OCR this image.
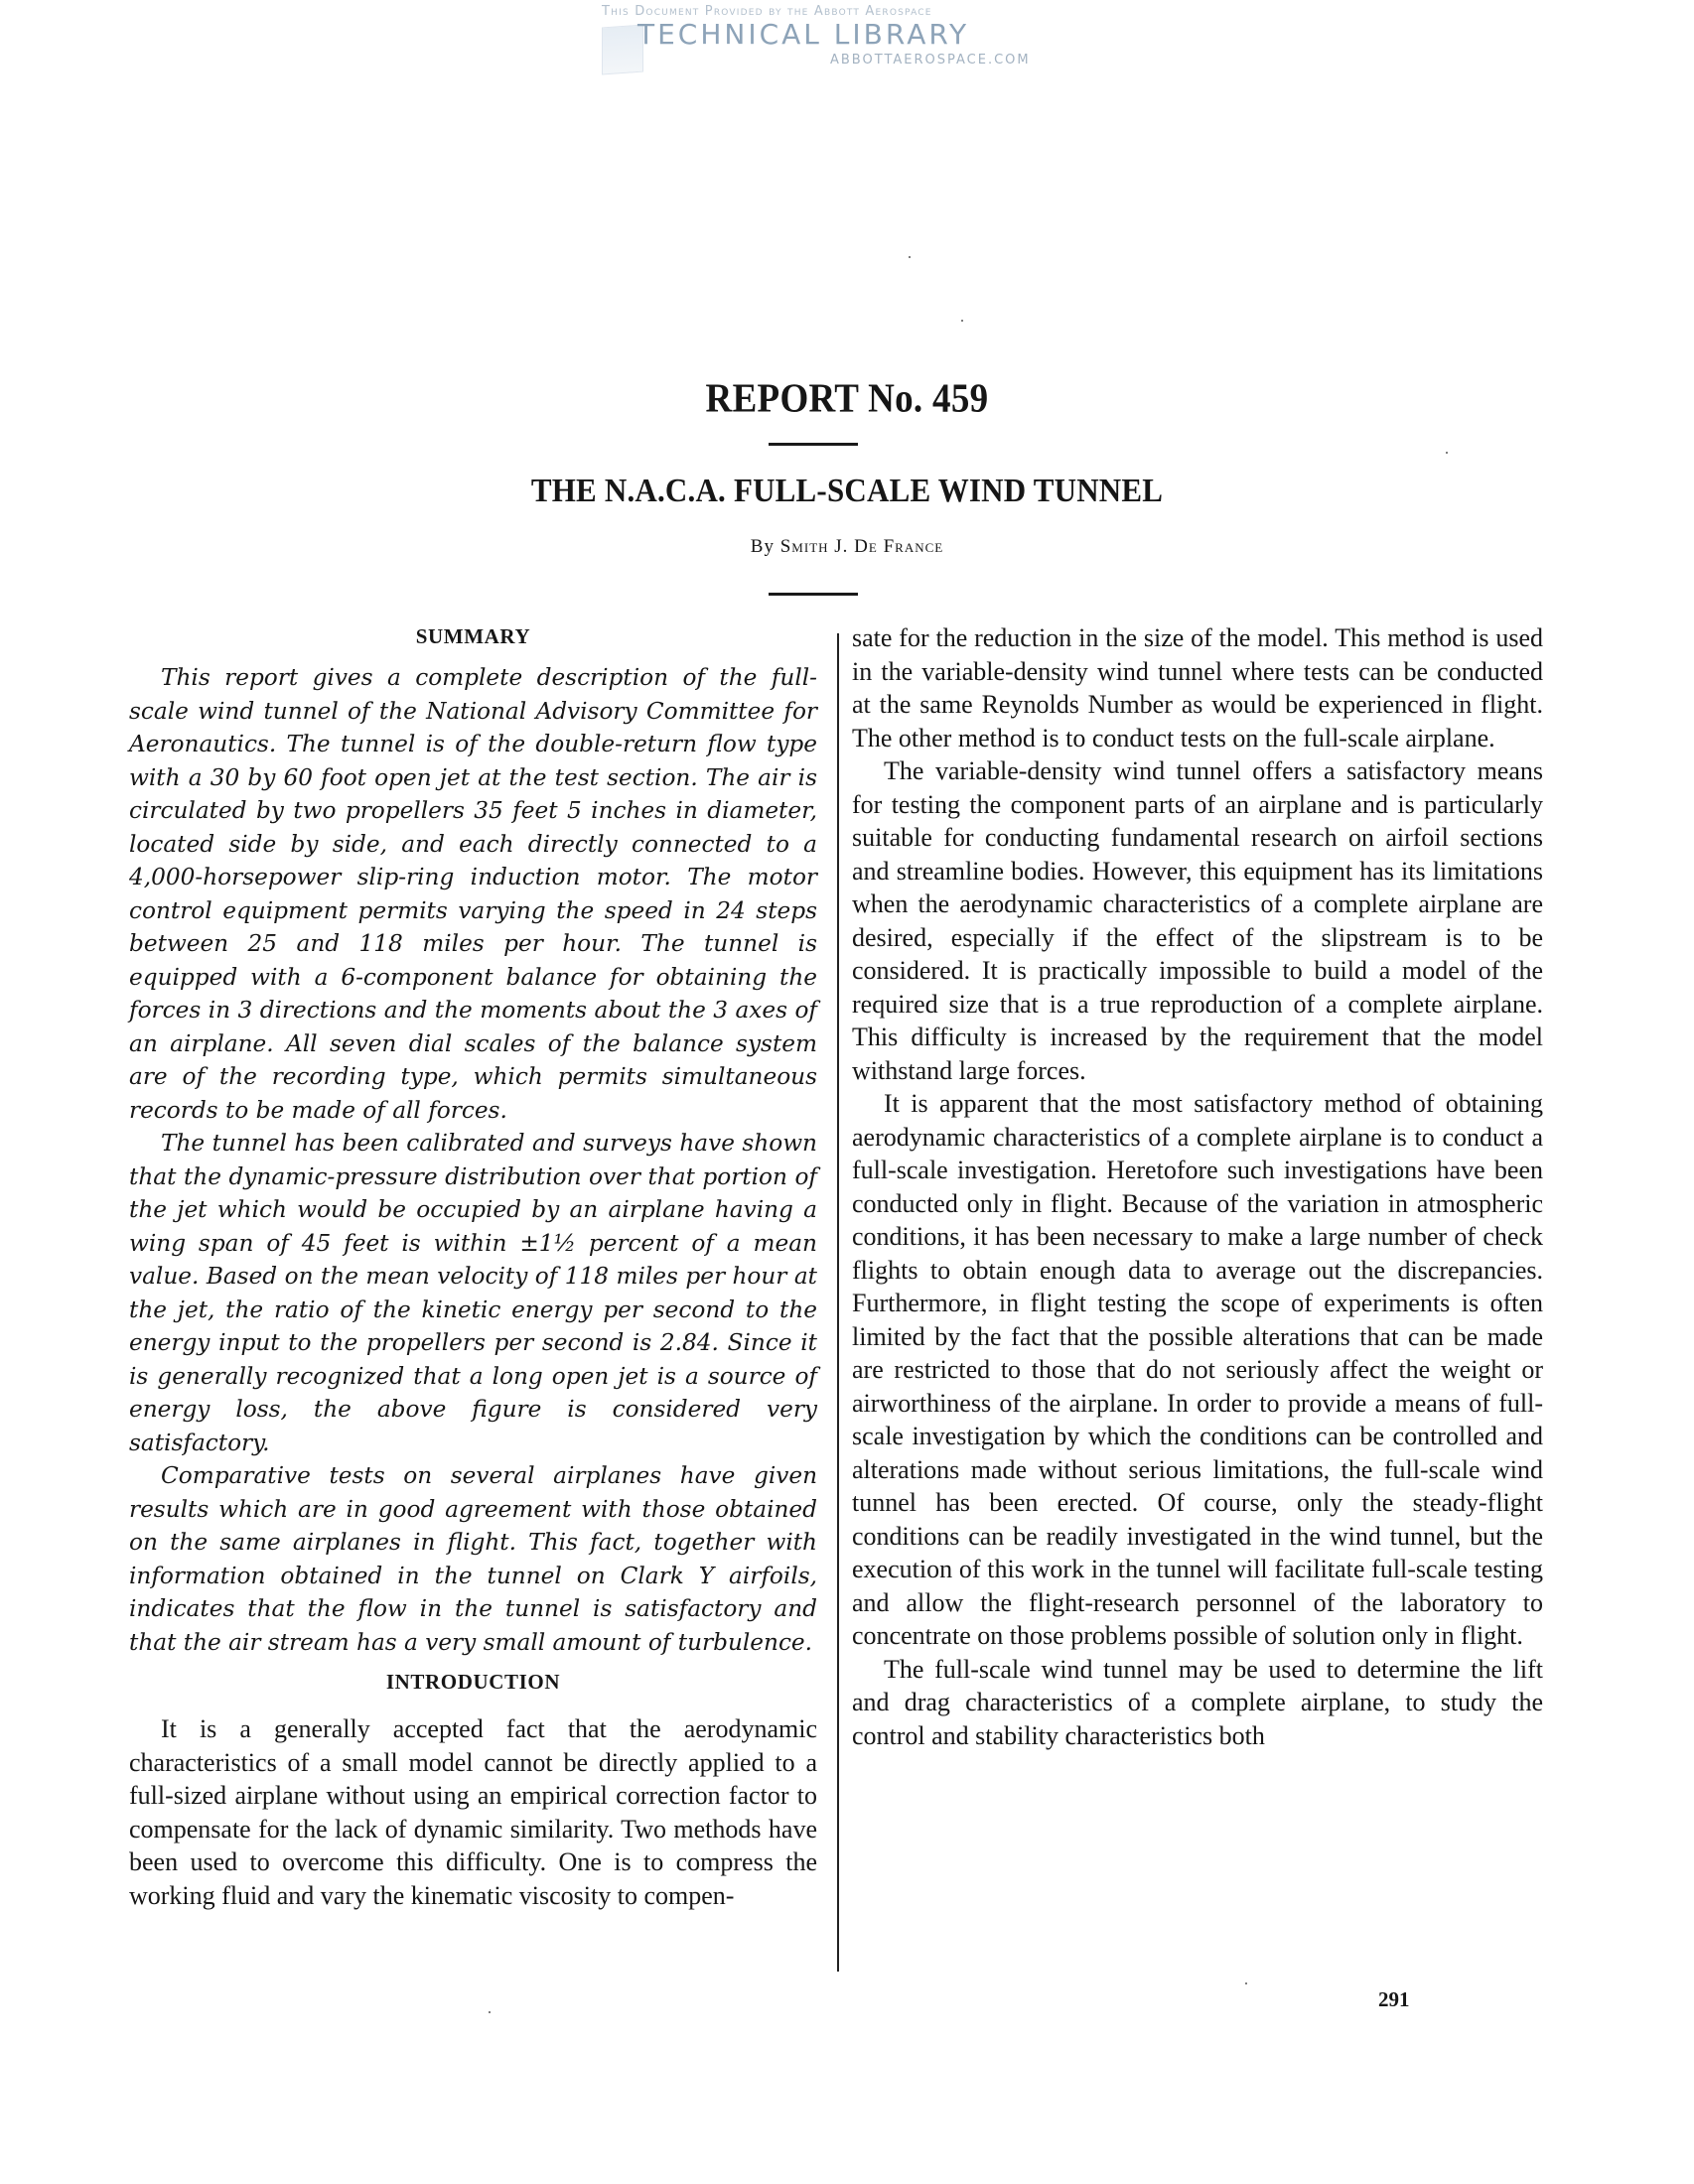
This Document Provided by the Abbott Aerospace
TECHNICAL LIBRARY
ABBOTTAEROSPACE.COM
REPORT No. 459
THE N.A.C.A. FULL-SCALE WIND TUNNEL
By Smith J. De France
SUMMARY

This report gives a complete description of the full-scale wind tunnel of the National Advisory Committee for Aeronautics. The tunnel is of the double-return flow type with a 30 by 60 foot open jet at the test section. The air is circulated by two propellers 35 feet 5 inches in diameter, located side by side, and each directly connected to a 4,000-horsepower slip-ring induction motor. The motor control equipment permits varying the speed in 24 steps between 25 and 118 miles per hour. The tunnel is equipped with a 6-component balance for obtaining the forces in 3 directions and the moments about the 3 axes of an airplane. All seven dial scales of the balance system are of the recording type, which permits simultaneous records to be made of all forces.

The tunnel has been calibrated and surveys have shown that the dynamic-pressure distribution over that portion of the jet which would be occupied by an airplane having a wing span of 45 feet is within ±1½ percent of a mean value. Based on the mean velocity of 118 miles per hour at the jet, the ratio of the kinetic energy per second to the energy input to the propellers per second is 2.84. Since it is generally recognized that a long open jet is a source of energy loss, the above figure is considered very satisfactory.

Comparative tests on several airplanes have given results which are in good agreement with those obtained on the same airplanes in flight. This fact, together with information obtained in the tunnel on Clark Y airfoils, indicates that the flow in the tunnel is satisfactory and that the air stream has a very small amount of turbulence.

INTRODUCTION

It is a generally accepted fact that the aerodynamic characteristics of a small model cannot be directly applied to a full-sized airplane without using an empirical correction factor to compensate for the lack of dynamic similarity. Two methods have been used to overcome this difficulty. One is to compress the working fluid and vary the kinematic viscosity to compen-

sate for the reduction in the size of the model. This method is used in the variable-density wind tunnel where tests can be conducted at the same Reynolds Number as would be experienced in flight. The other method is to conduct tests on the full-scale airplane.

The variable-density wind tunnel offers a satisfactory means for testing the component parts of an airplane and is particularly suitable for conducting fundamental research on airfoil sections and streamline bodies. However, this equipment has its limitations when the aerodynamic characteristics of a complete airplane are desired, especially if the effect of the slipstream is to be considered. It is practically impossible to build a model of the required size that is a true reproduction of a complete airplane. This difficulty is increased by the requirement that the model withstand large forces.

It is apparent that the most satisfactory method of obtaining aerodynamic characteristics of a complete airplane is to conduct a full-scale investigation. Heretofore such investigations have been conducted only in flight. Because of the variation in atmospheric conditions, it has been necessary to make a large number of check flights to obtain enough data to average out the discrepancies. Furthermore, in flight testing the scope of experiments is often limited by the fact that the possible alterations that can be made are restricted to those that do not seriously affect the weight or airworthiness of the airplane. In order to provide a means of full-scale investigation by which the conditions can be controlled and alterations made without serious limitations, the full-scale wind tunnel has been erected. Of course, only the steady-flight conditions can be readily investigated in the wind tunnel, but the execution of this work in the tunnel will facilitate full-scale testing and allow the flight-research personnel of the laboratory to concentrate on those problems possible of solution only in flight.

The full-scale wind tunnel may be used to determine the lift and drag characteristics of a complete airplane, to study the control and stability characteristics both

291
